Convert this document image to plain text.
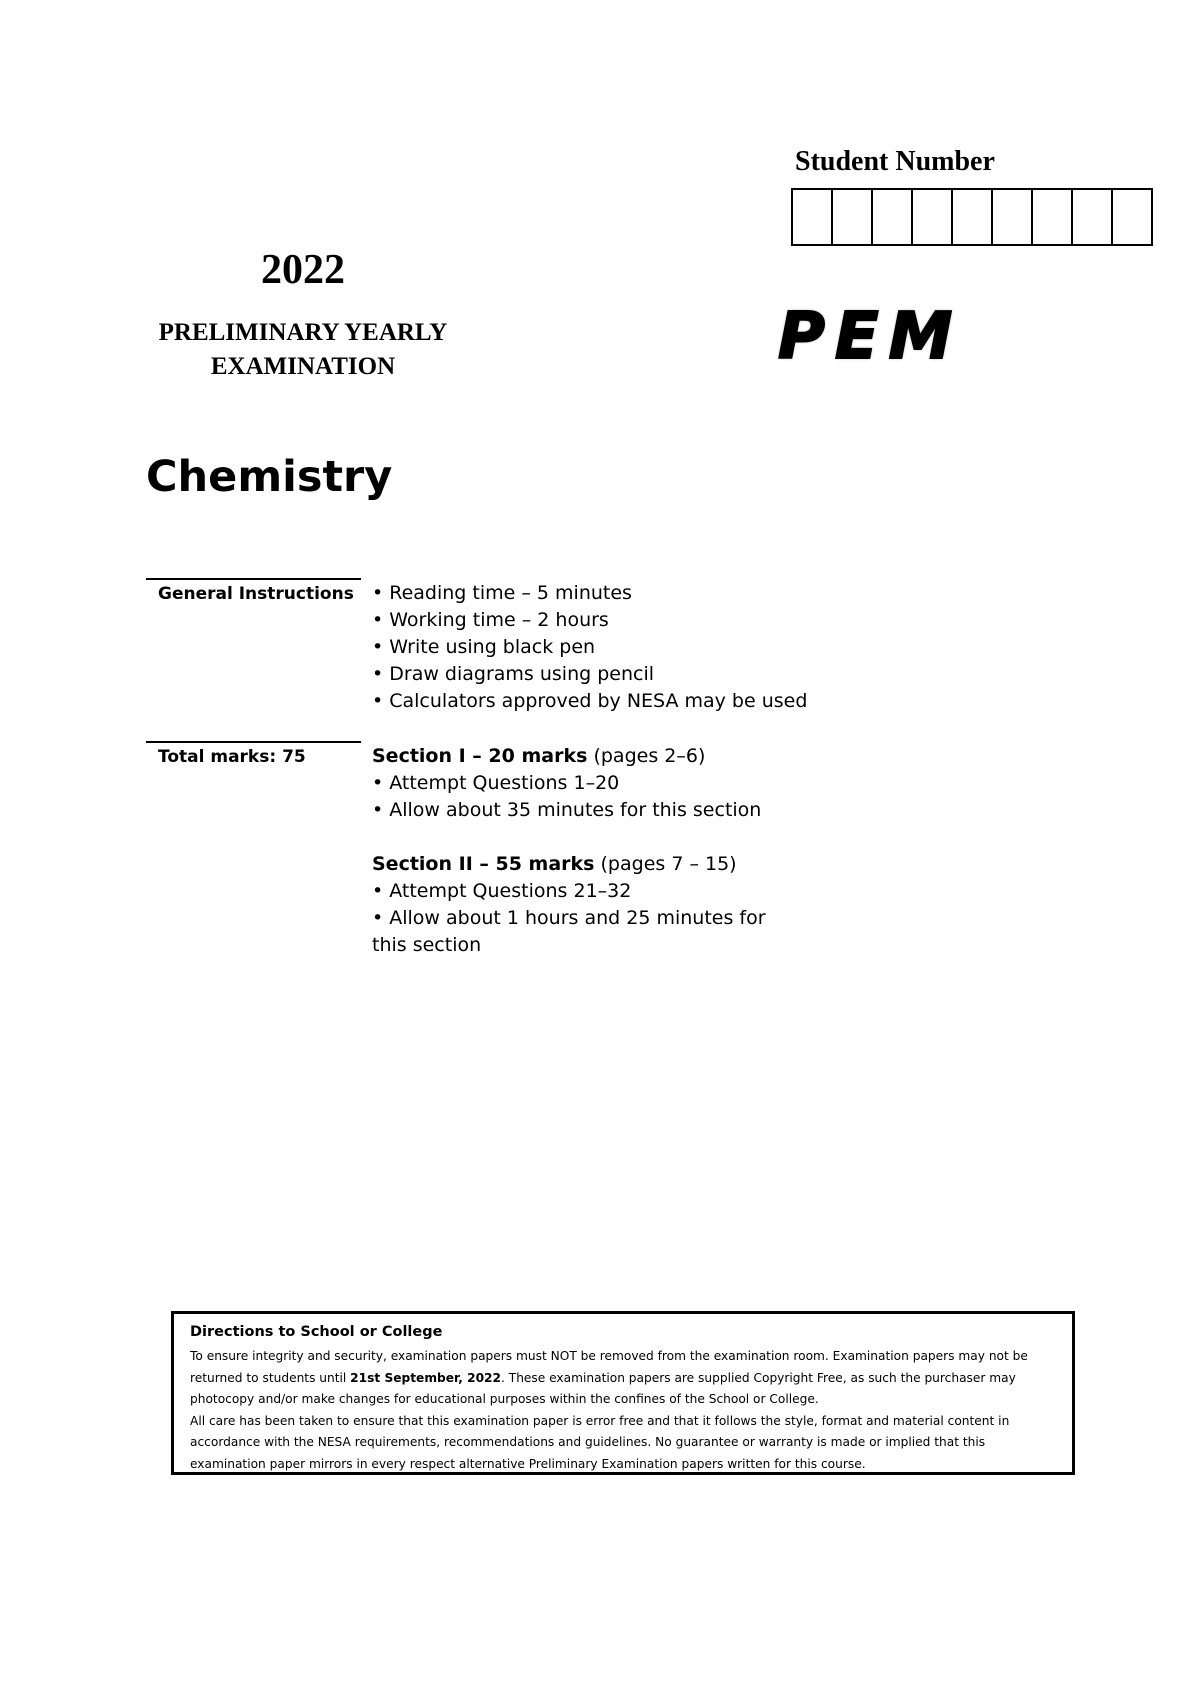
Student Number
2022
PRELIMINARY YEARLY
EXAMINATION	PEM
Chemistry
General Instructions • Reading time – 5 minutes
• Working time – 2 hours
• Write using black pen
• Draw diagrams using pencil
• Calculators approved by NESA may be used
Total marks: 75	Section I – 20 marks (pages 2–6)
• Attempt Questions 1–20
• Allow about 35 minutes for this section

Section II – 55 marks (pages 7 – 15)
• Attempt Questions 21–32
• Allow about 1 hours and 25 minutes for this section
Directions to School or College
To ensure integrity and security, examination papers must NOT be removed from the examination room. Examination papers may not be returned to students until 21st September, 2022. These examination papers are supplied Copyright Free, as such the purchaser may photocopy and/or make changes for educational purposes within the confines of the School or College.
All care has been taken to ensure that this examination paper is error free and that it follows the style, format and material content in accordance with the NESA requirements, recommendations and guidelines. No guarantee or warranty is made or implied that this examination paper mirrors in every respect alternative Preliminary Examination papers written for this course.
